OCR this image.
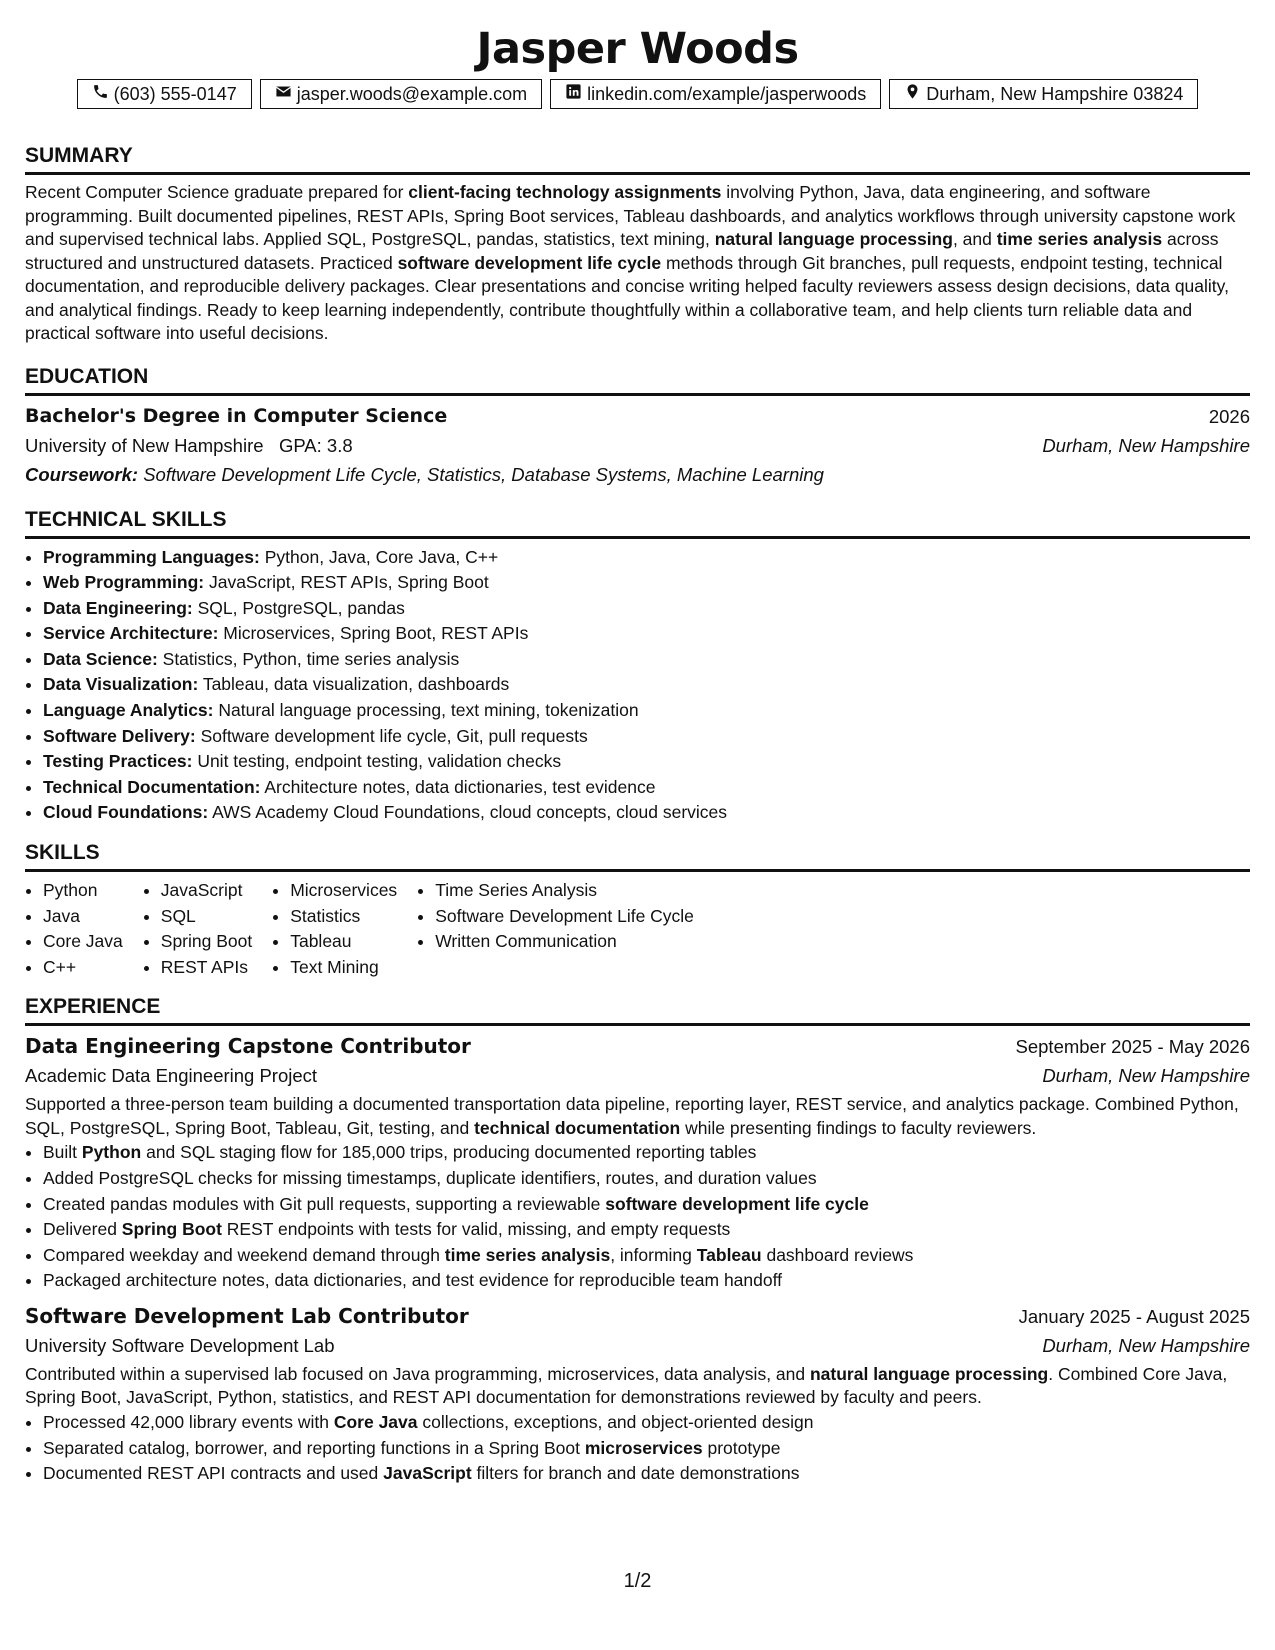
Jasper Woods
(603) 555-0147	jasper.woods@example.com	linkedin.com/example/jasperwoods	Durham, New Hampshire 03824
SUMMARY
Recent Computer Science graduate prepared for client-facing technology assignments involving Python, Java, data engineering, and software programming. Built documented pipelines, REST APIs, Spring Boot services, Tableau dashboards, and analytics workflows through university capstone work and supervised technical labs. Applied SQL, PostgreSQL, pandas, statistics, text mining, natural language processing, and time series analysis across structured and unstructured datasets. Practiced software development life cycle methods through Git branches, pull requests, endpoint testing, technical documentation, and reproducible delivery packages. Clear presentations and concise writing helped faculty reviewers assess design decisions, data quality, and analytical findings. Ready to keep learning independently, contribute thoughtfully within a collaborative team, and help clients turn reliable data and practical software into useful decisions.
EDUCATION
Bachelor's Degree in Computer Science	2026
University of New Hampshire GPA: 3.8	Durham, New Hampshire
Coursework: Software Development Life Cycle, Statistics, Database Systems, Machine Learning
TECHNICAL SKILLS
• Programming Languages: Python, Java, Core Java, C++
• Web Programming: JavaScript, REST APIs, Spring Boot
• Data Engineering: SQL, PostgreSQL, pandas
• Service Architecture: Microservices, Spring Boot, REST APIs
• Data Science: Statistics, Python, time series analysis
• Data Visualization: Tableau, data visualization, dashboards
• Language Analytics: Natural language processing, text mining, tokenization
• Software Delivery: Software development life cycle, Git, pull requests
• Testing Practices: Unit testing, endpoint testing, validation checks
• Technical Documentation: Architecture notes, data dictionaries, test evidence
• Cloud Foundations: AWS Academy Cloud Foundations, cloud concepts, cloud services
SKILLS
• Python
• Java
• Core Java
• C++
• JavaScript
• SQL
• Spring Boot
• REST APIs
• Microservices
• Statistics
• Tableau
• Text Mining
• Time Series Analysis
• Software Development Life Cycle
• Written Communication
EXPERIENCE
Data Engineering Capstone Contributor	September 2025 - May 2026
Academic Data Engineering Project	Durham, New Hampshire
Supported a three-person team building a documented transportation data pipeline, reporting layer, REST service, and analytics package. Combined Python, SQL, PostgreSQL, Spring Boot, Tableau, Git, testing, and technical documentation while presenting findings to faculty reviewers.
• Built Python and SQL staging flow for 185,000 trips, producing documented reporting tables
• Added PostgreSQL checks for missing timestamps, duplicate identifiers, routes, and duration values
• Created pandas modules with Git pull requests, supporting a reviewable software development life cycle
• Delivered Spring Boot REST endpoints with tests for valid, missing, and empty requests
• Compared weekday and weekend demand through time series analysis, informing Tableau dashboard reviews
• Packaged architecture notes, data dictionaries, and test evidence for reproducible team handoff
Software Development Lab Contributor	January 2025 - August 2025
University Software Development Lab	Durham, New Hampshire
Contributed within a supervised lab focused on Java programming, microservices, data analysis, and natural language processing. Combined Core Java, Spring Boot, JavaScript, Python, statistics, and REST API documentation for demonstrations reviewed by faculty and peers.
• Processed 42,000 library events with Core Java collections, exceptions, and object-oriented design
• Separated catalog, borrower, and reporting functions in a Spring Boot microservices prototype
• Documented REST API contracts and used JavaScript filters for branch and date demonstrations
1/2
